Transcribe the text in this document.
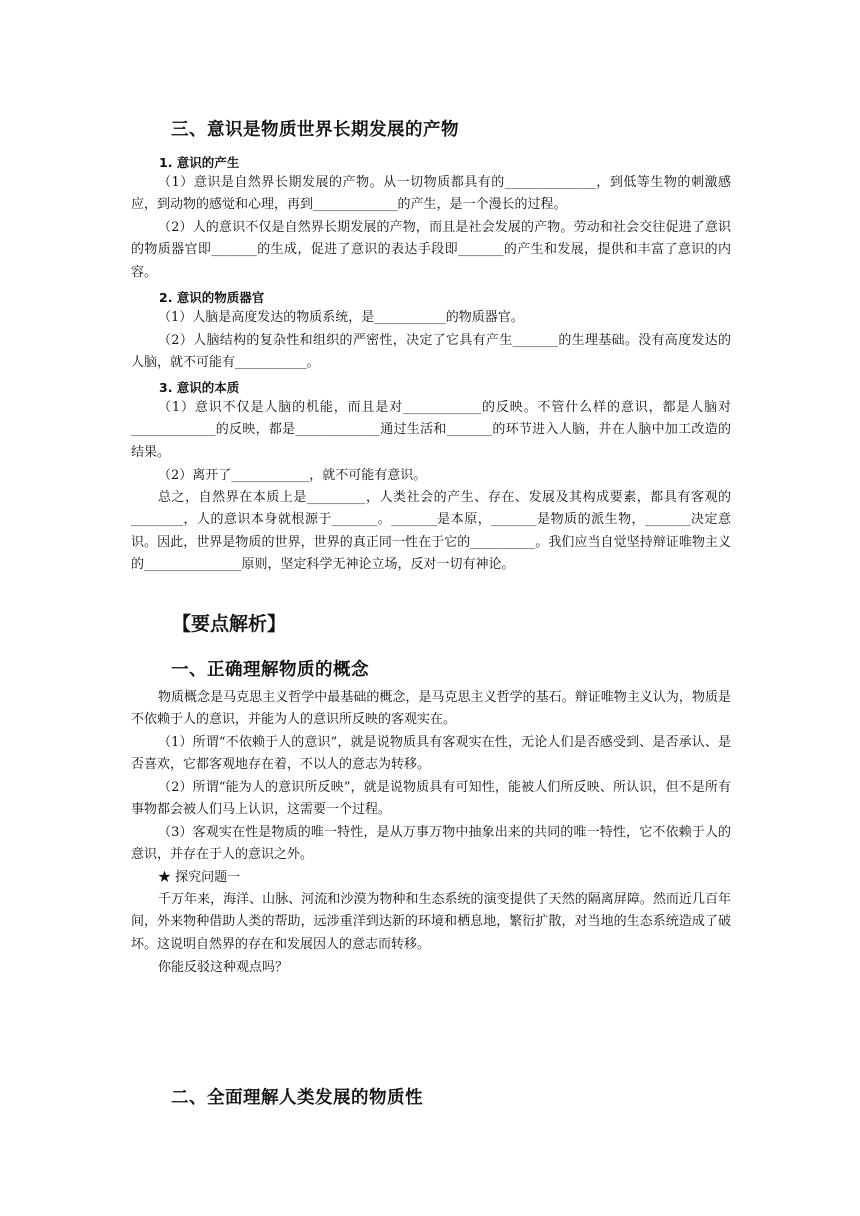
三、意识是物质世界长期发展的产物
1. 意识的产生

（1）意识是自然界长期发展的产物。从一切物质都具有的______________，到低等生物的刺激感应，到动物的感觉和心理，再到_____________的产生，是一个漫长的过程。

（2）人的意识不仅是自然界长期发展的产物，而且是社会发展的产物。劳动和社会交往促进了意识的物质器官即_______的生成，促进了意识的表达手段即_______的产生和发展，提供和丰富了意识的内容。

2. 意识的物质器官

（1）人脑是高度发达的物质系统，是___________的物质器官。

（2）人脑结构的复杂性和组织的严密性，决定了它具有产生_______的生理基础。没有高度发达的人脑，就不可能有___________。

3. 意识的本质

（1）意识不仅是人脑的机能，而且是对____________的反映。不管什么样的意识，都是人脑对_____________的反映，都是_____________通过生活和_______的环节进入人脑，并在人脑中加工改造的结果。

（2）离开了____________，就不可能有意识。

总之，自然界在本质上是_________，人类社会的产生、存在、发展及其构成要素，都具有客观的________，人的意识本身就根源于_______。_______是本原，_______是物质的派生物，_______决定意识。因此，世界是物质的世界，世界的真正同一性在于它的__________。我们应当自觉坚持辩证唯物主义的_______________原则，坚定科学无神论立场，反对一切有神论。

【要点解析】
一、正确理解物质的概念

物质概念是马克思主义哲学中最基础的概念，是马克思主义哲学的基石。辩证唯物主义认为，物质是不依赖于人的意识，并能为人的意识所反映的客观实在。

（1）所谓“不依赖于人的意识”，就是说物质具有客观实在性，无论人们是否感受到、是否承认、是否喜欢，它都客观地存在着，不以人的意志为转移。

（2）所谓“能为人的意识所反映”，就是说物质具有可知性，能被人们所反映、所认识，但不是所有事物都会被人们马上认识，这需要一个过程。

（3）客观实在性是物质的唯一特性，是从万事万物中抽象出来的共同的唯一特性，它不依赖于人的意识，并存在于人的意识之外。

★ 探究问题一

千万年来，海洋、山脉、河流和沙漠为物种和生态系统的演变提供了天然的隔离屏障。然而近几百年间，外来物种借助人类的帮助，远涉重洋到达新的环境和栖息地，繁衍扩散，对当地的生态系统造成了破坏。这说明自然界的存在和发展因人的意志而转移。

你能反驳这种观点吗？

二、全面理解人类发展的物质性
